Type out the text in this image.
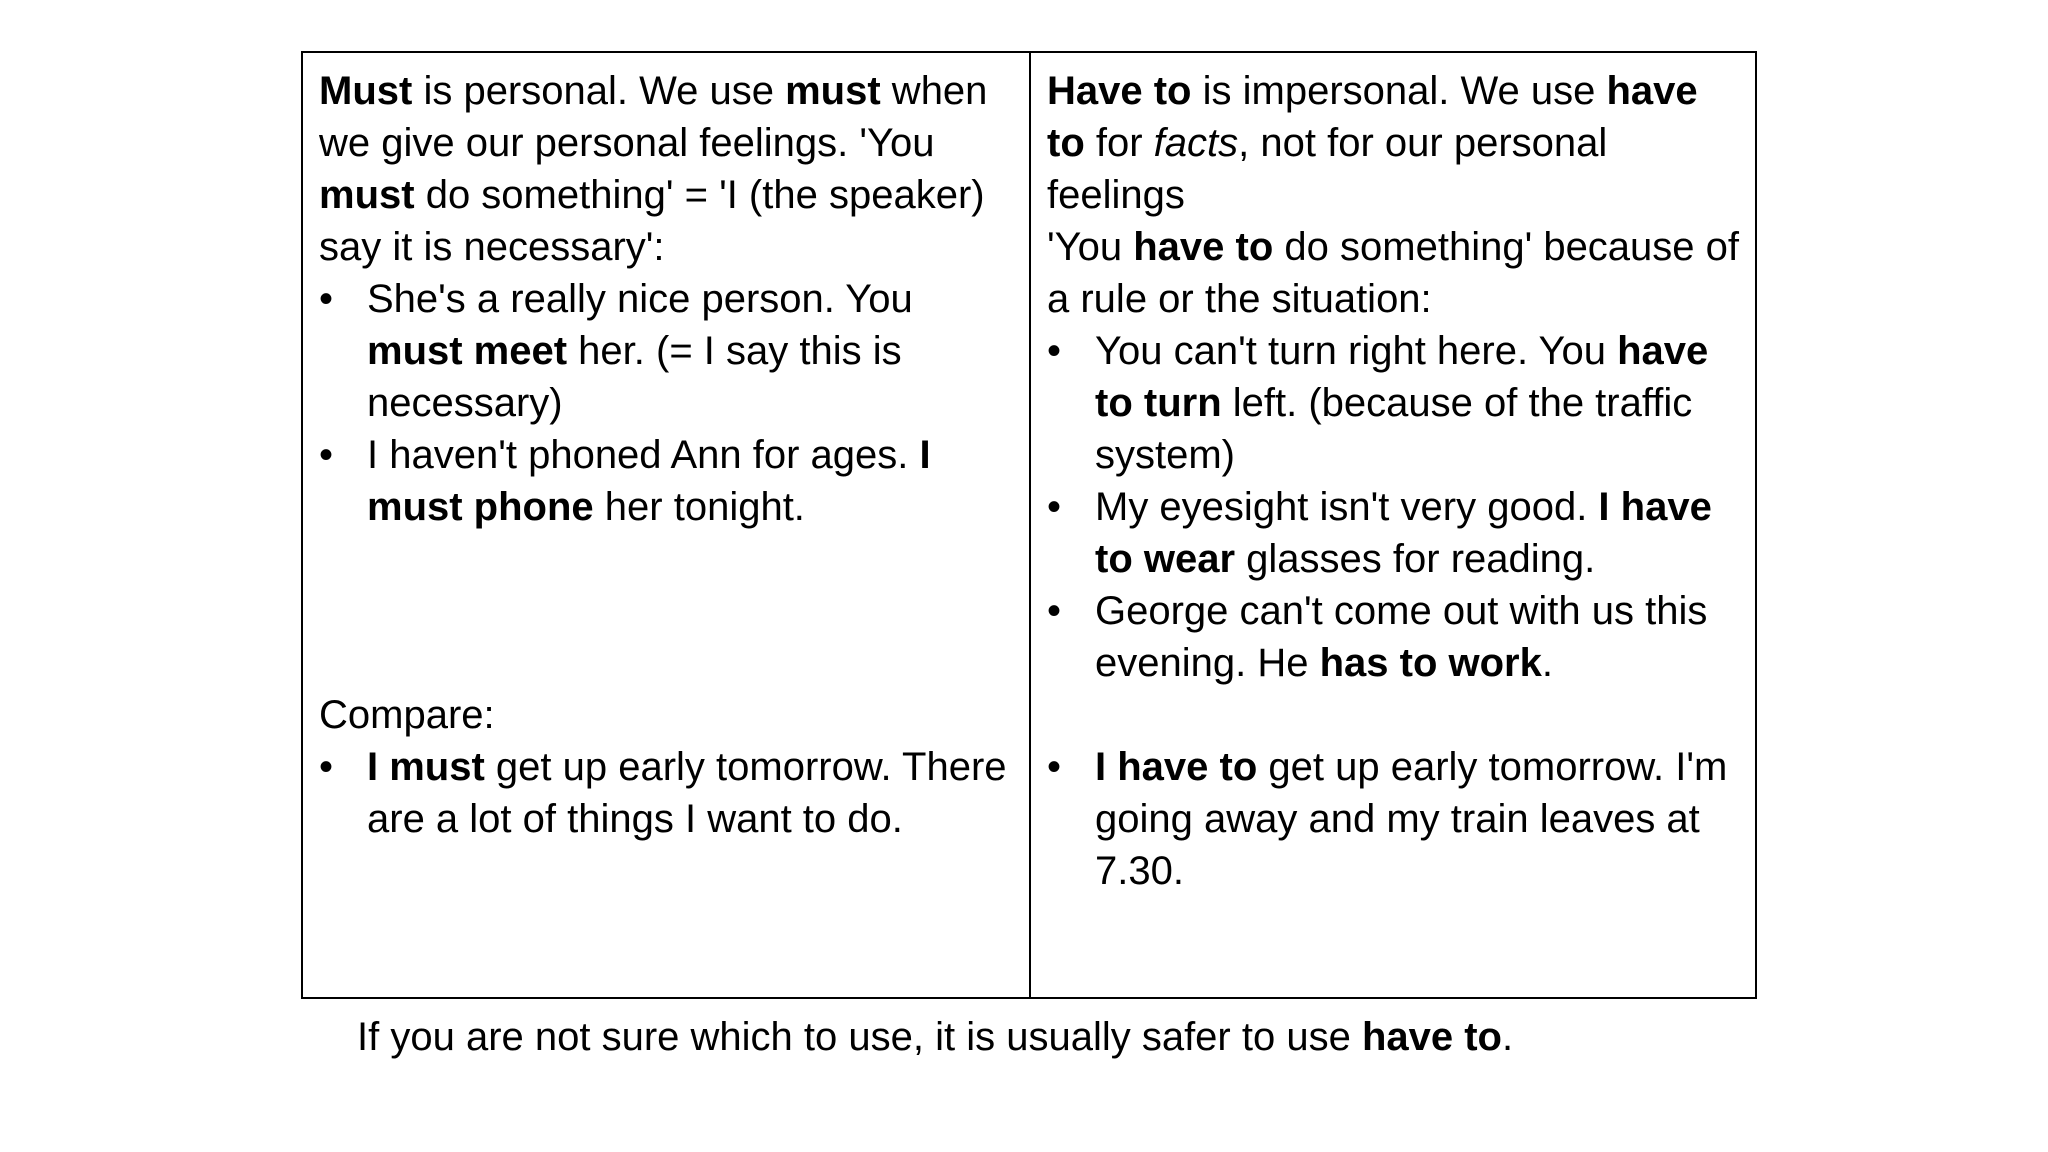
Must is personal. We use must when we give our personal feelings. 'You must do something' = 'I (the speaker) say it is necessary':

• She's a really nice person. You must meet her. (= I say this is necessary)
• I haven't phoned Ann for ages. I must phone her tonight.

Compare:

• I must get up early tomorrow. There are a lot of things I want to do.

Have to is impersonal. We use have to for facts, not for our personal feelings

'You have to do something' because of a rule or the situation:

• You can't turn right here. You have to turn left. (because of the traffic system)
• My eyesight isn't very good. I have to wear glasses for reading.
• George can't come out with us this evening. He has to work.
• I have to get up early tomorrow. I'm going away and my train leaves at 7.30.
If you are not sure which to use, it is usually safer to use have to.
